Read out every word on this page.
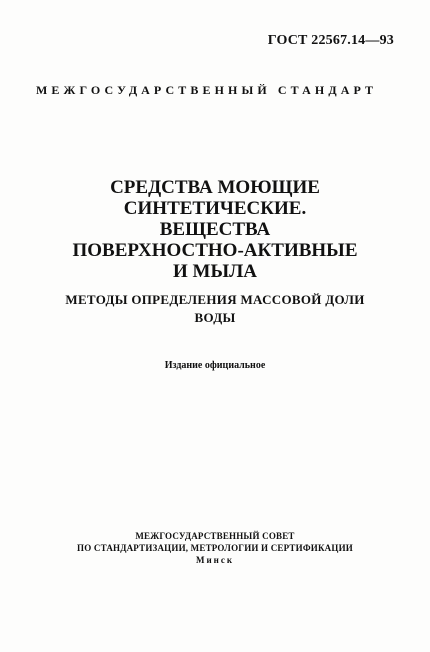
ГОСТ 22567.14—93
МЕЖГОСУДАРСТВЕННЫЙ СТАНДАРТ
СРЕДСТВА МОЮЩИЕ
СИНТЕТИЧЕСКИЕ.
ВЕЩЕСТВА
ПОВЕРХНОСТНО-АКТИВНЫЕ
И МЫЛА
МЕТОДЫ ОПРЕДЕЛЕНИЯ МАССОВОЙ ДОЛИ
ВОДЫ
Издание официальное
МЕЖГОСУДАРСТВЕННЫЙ СОВЕТ
ПО СТАНДАРТИЗАЦИИ, МЕТРОЛОГИИ И СЕРТИФИКАЦИИ
Минск
